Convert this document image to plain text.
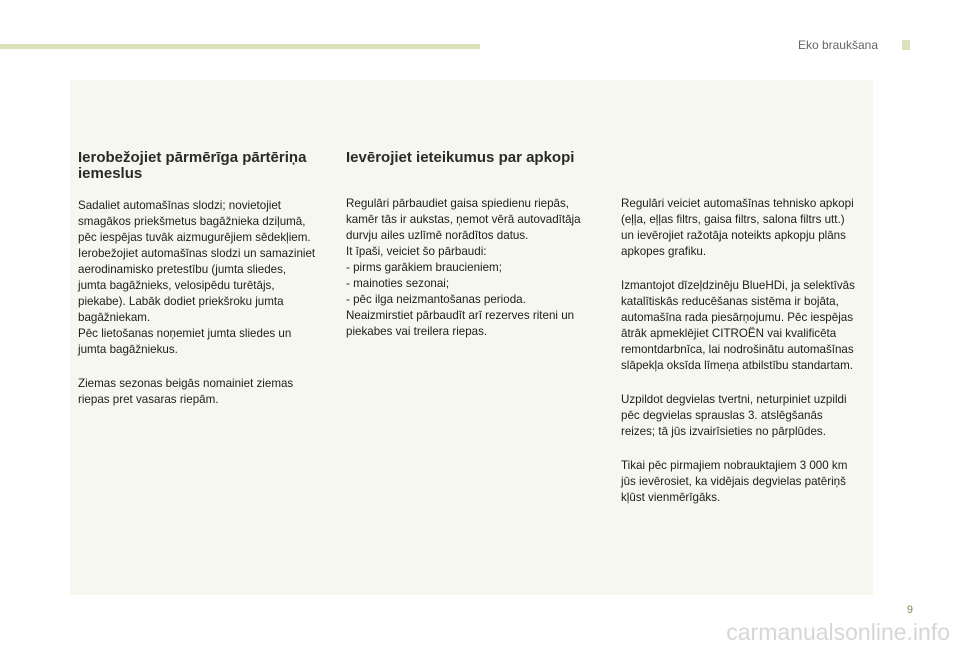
Eko braukšana
Ierobežojiet pārmērīga pārtēriņa iemeslus

Sadaliet automašīnas slodzi; novietojiet
smagākos priekšmetus bagāžnieka dziļumā,
pēc iespējas tuvāk aizmugurējiem sēdekļiem.
Ierobežojiet automašīnas slodzi un samaziniet
aerodinamisko pretestību (jumta sliedes,
jumta bagāžnieks, velosipēdu turētājs,
piekabe). Labāk dodiet priekšroku jumta
bagāžniekam.
Pēc lietošanas noņemiet jumta sliedes un
jumta bagāžniekus.

Ziemas sezonas beigās nomainiet ziemas
riepas pret vasaras riepām.

Ievērojiet ieteikumus par apkopi

Regulāri pārbaudiet gaisa spiedienu riepās,
kamēr tās ir aukstas, ņemot vērā autovadītāja
durvju ailes uzlīmē norādītos datus.
It īpaši, veiciet šo pārbaudi:
- pirms garākiem braucieniem;
- mainoties sezonai;
- pēc ilga neizmantošanas perioda.
Neaizmirstiet pārbaudīt arī rezerves riteni un
piekabes vai treilera riepas.

Regulāri veiciet automašīnas tehnisko apkopi
(eļļa, eļļas filtrs, gaisa filtrs, salona filtrs utt.)
un ievērojiet ražotāja noteikts apkopju plāns
apkopes grafiku.

Izmantojot dīzeļdzinēju BlueHDi, ja selektīvās
katalītiskās reducēšanas sistēma ir bojāta,
automašīna rada piesārņojumu. Pēc iespējas
ātrāk apmeklējiet CITROËN vai kvalificēta
remontdarbnīca, lai nodrošinātu automašīnas
slāpekļa oksīda līmeņa atbilstību standartam.

Uzpildot degvielas tvertni, neturpiniet uzpildi
pēc degvielas sprauslas 3. atslēgšanās
reizes; tā jūs izvairīsieties no pārplūdes.

Tikai pēc pirmajiem nobrauktajiem 3 000 km
jūs ievērosiet, ka vidējais degvielas patēriņš
kļūst vienmērīgāks.

9
carmanualsonline.info
